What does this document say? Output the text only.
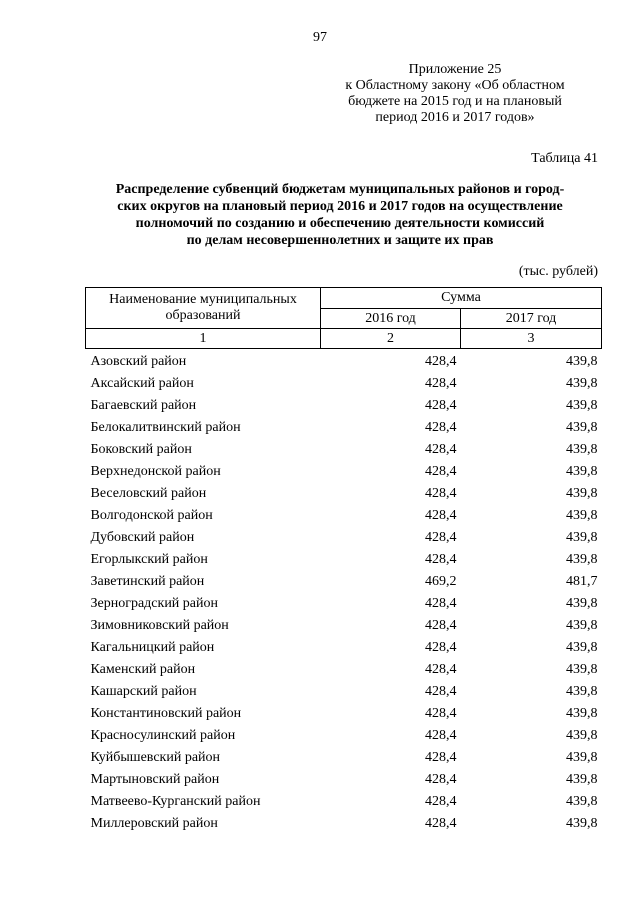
97
Приложение 25
к Областному закону «Об областном
бюджете на 2015 год и на плановый
период 2016 и 2017 годов»
Таблица 41
Распределение субвенций бюджетам муниципальных районов и город-
ских округов на плановый период 2016 и 2017 годов на осуществление
полномочий по созданию и обеспечению деятельности комиссий
по делам несовершеннолетних и защите их прав
(тыс. рублей)
Наименование муниципальных образований	Сумма	
	2016 год	2017 год
1	2	3
Азовский район	428,4	439,8
Аксайский район	428,4	439,8
Багаевский район	428,4	439,8
Белокалитвинский район	428,4	439,8
Боковский район	428,4	439,8
Верхнедонской район	428,4	439,8
Веселовский район	428,4	439,8
Волгодонской район	428,4	439,8
Дубовский район	428,4	439,8
Егорлыкский район	428,4	439,8
Заветинский район	469,2	481,7
Зерноградский район	428,4	439,8
Зимовниковский район	428,4	439,8
Кагальницкий район	428,4	439,8
Каменский район	428,4	439,8
Кашарский район	428,4	439,8
Константиновский район	428,4	439,8
Красносулинский район	428,4	439,8
Куйбышевский район	428,4	439,8
Мартыновский район	428,4	439,8
Матвеево-Курганский район	428,4	439,8
Миллеровский район	428,4	439,8
